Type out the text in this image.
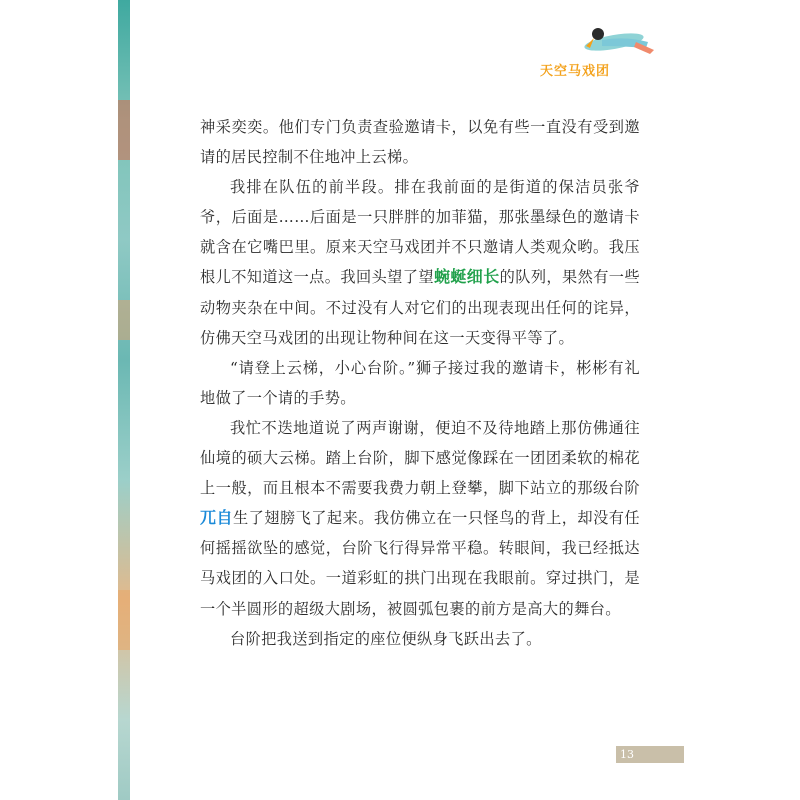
天空马戏团

神采奕奕。他们专门负责查验邀请卡，以免有些一直没有受到邀请的居民控制不住地冲上云梯。

我排在队伍的前半段。排在我前面的是街道的保洁员张爷爷，后面是……后面是一只胖胖的加菲猫，那张墨绿色的邀请卡就含在它嘴巴里。原来天空马戏团并不只邀请人类观众哟。我压根儿不知道这一点。我回头望了望蜿蜒细长的队列，果然有一些动物夹杂在中间。不过没有人对它们的出现表现出任何的诧异，仿佛天空马戏团的出现让物种间在这一天变得平等了。

“请登上云梯，小心台阶。”狮子接过我的邀请卡，彬彬有礼地做了一个请的手势。

我忙不迭地道说了两声谢谢，便迫不及待地踏上那仿佛通往仙境的硕大云梯。踏上台阶，脚下感觉像踩在一团团柔软的棉花上一般，而且根本不需要我费力朝上登攀，脚下站立的那级台阶兀自生了翅膀飞了起来。我仿佛立在一只怪鸟的背上，却没有任何摇摇欲坠的感觉，台阶飞行得异常平稳。转眼间，我已经抵达马戏团的入口处。一道彩虹的拱门出现在我眼前。穿过拱门，是一个半圆形的超级大剧场，被圆弧包裹的前方是高大的舞台。

台阶把我送到指定的座位便纵身飞跃出去了。

13
